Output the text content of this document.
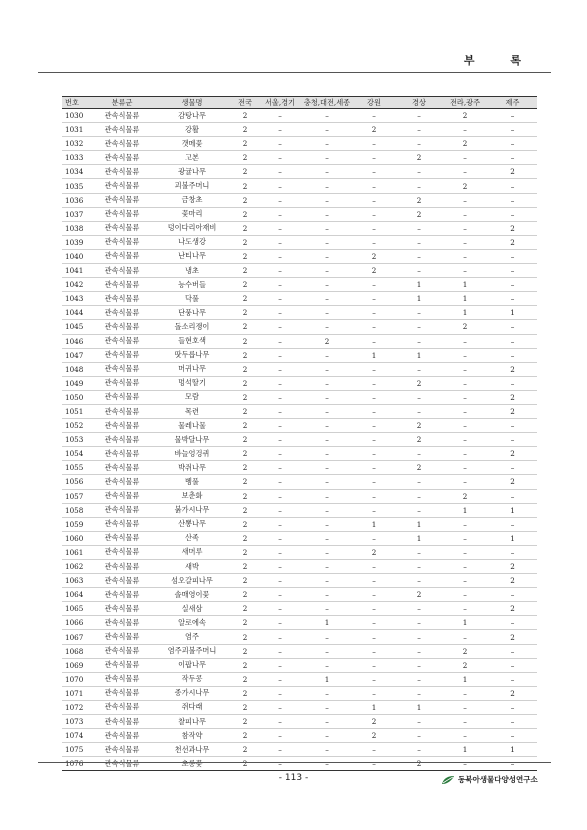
부 록
번호	분류군	생물명	전국	서울,경기	충청,대전,세종	강원	경상	전라,광주	제주
1030	관속식물류	감탕나무	2	–	–	–	–	2	–
1031	관속식물류	강활	2	–	–	2	–	–	–
1032	관속식물류	갯메꽃	2	–	–	–	–	2	–
1033	관속식물류	고본	2	–	–	–	2	–	–
1034	관속식물류	광귤나무	2	–	–	–	–	–	2
1035	관속식물류	괴불주머니	2	–	–	–	–	2	–
1036	관속식물류	금창초	2	–	–	–	2	–	–
1037	관속식물류	꽃마리	2	–	–	–	2	–	–
1038	관속식물류	덩이다리아재비	2	–	–	–	–	–	2
1039	관속식물류	나도생강	2	–	–	–	–	–	2
1040	관속식물류	난티나무	2	–	–	2	–	–	–
1041	관속식물류	냉초	2	–	–	2	–	–	–
1042	관속식물류	능수버들	2	–	–	–	1	1	–
1043	관속식물류	닥풀	2	–	–	–	1	1	–
1044	관속식물류	단풍나무	2	–	–	–	–	1	1
1045	관속식물류	돌소리쟁이	2	–	–	–	–	2	–
1046	관속식물류	들현호색	2	–	2	–	–	–	–
1047	관속식물류	땃두릅나무	2	–	–	1	1	–	–
1048	관속식물류	머귀나무	2	–	–	–	–	–	2
1049	관속식물류	멍석딸기	2	–	–	–	2	–	–
1050	관속식물류	모람	2	–	–	–	–	–	2
1051	관속식물류	목련	2	–	–	–	–	–	2
1052	관속식물류	물레나물	2	–	–	–	2	–	–
1053	관속식물류	물박달나무	2	–	–	–	2	–	–
1054	관속식물류	바늘엉겅퀴	2	–	–	–	–	–	2
1055	관속식물류	박쥐나무	2	–	–	–	2	–	–
1056	관속식물류	벵풀	2	–	–	–	–	–	2
1057	관속식물류	보춘화	2	–	–	–	–	2	–
1058	관속식물류	붉가시나무	2	–	–	–	–	1	1
1059	관속식물류	산뽕나무	2	–	–	1	1	–	–
1060	관속식물류	산족	2	–	–	–	1	–	1
1061	관속식물류	새머루	2	–	–	2	–	–	–
1062	관속식물류	새박	2	–	–	–	–	–	2
1063	관속식물류	섬오갈피나무	2	–	–	–	–	–	2
1064	관속식물류	솔매영이꽃	2	–	–	–	2	–	–
1065	관속식물류	실새삼	2	–	–	–	–	–	2
1066	관속식물류	알로에속	2	–	1	–	–	1	–
1067	관속식물류	염주	2	–	–	–	–	–	2
1068	관속식물류	염주괴불주머니	2	–	–	–	–	2	–
1069	관속식물류	이팝나무	2	–	–	–	–	2	–
1070	관속식물류	작두콩	2	–	1	–	–	1	–
1071	관속식물류	종가시나무	2	–	–	–	–	–	2
1072	관속식물류	쥐다래	2	–	–	1	1	–	–
1073	관속식물류	찰피나무	2	–	–	2	–	–	–
1074	관속식물류	참작약	2	–	–	2	–	–	–
1075	관속식물류	천선과나무	2	–	–	–	–	1	1
1076	관속식물류	초롱꽃	2	–	–	–	2	–	–
- 113 -	동북아생물다양성연구소
